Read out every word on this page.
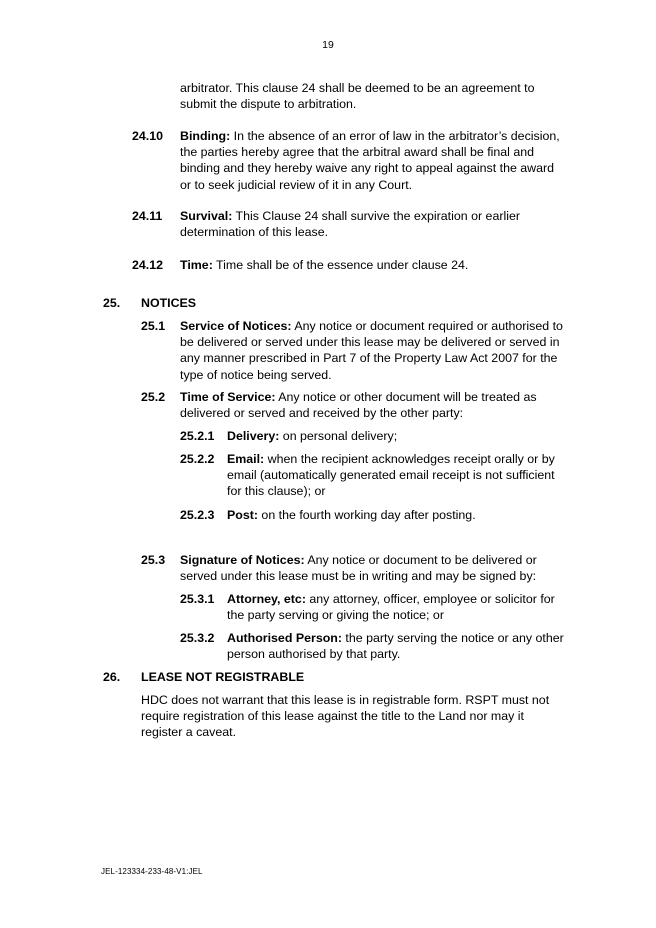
19
arbitrator. This clause 24 shall be deemed to be an agreement to
submit the dispute to arbitration.
24.10 Binding: In the absence of an error of law in the arbitrator’s decision,
the parties hereby agree that the arbitral award shall be final and
binding and they hereby waive any right to appeal against the award
or to seek judicial review of it in any Court.
24.11 Survival: This Clause 24 shall survive the expiration or earlier
determination of this lease.
24.12 Time: Time shall be of the essence under clause 24.
25. NOTICES
25.1 Service of Notices: Any notice or document required or authorised to
be delivered or served under this lease may be delivered or served in
any manner prescribed in Part 7 of the Property Law Act 2007 for the
type of notice being served.
25.2 Time of Service: Any notice or other document will be treated as
delivered or served and received by the other party:
25.2.1 Delivery: on personal delivery;
25.2.2 Email: when the recipient acknowledges receipt orally or by
email (automatically generated email receipt is not sufficient
for this clause); or
25.2.3 Post: on the fourth working day after posting.
25.3 Signature of Notices: Any notice or document to be delivered or
served under this lease must be in writing and may be signed by:
25.3.1 Attorney, etc: any attorney, officer, employee or solicitor for
the party serving or giving the notice; or
25.3.2 Authorised Person: the party serving the notice or any other
person authorised by that party.
26. LEASE NOT REGISTRABLE
HDC does not warrant that this lease is in registrable form. RSPT must not
require registration of this lease against the title to the Land nor may it
register a caveat.
JEL-123334-233-48-V1:JEL
